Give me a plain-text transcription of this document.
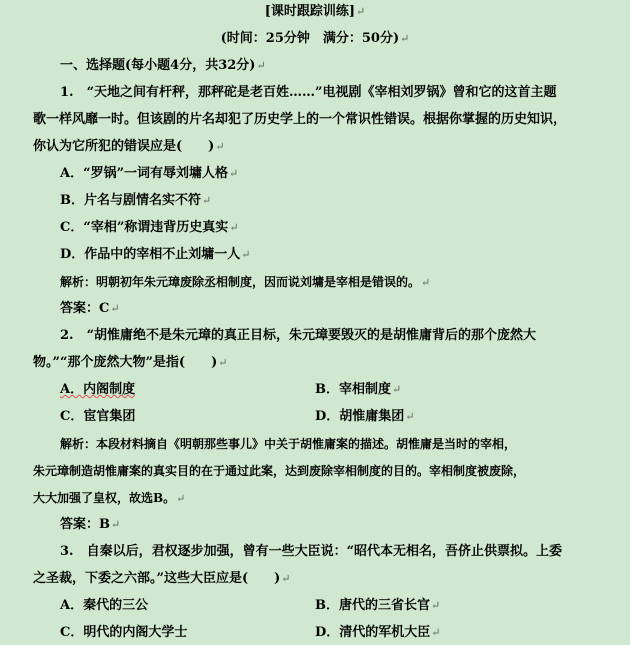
[课时跟踪训练]↵
(时间：25分钟　满分：50分)↵
一、选择题(每小题4分，共32分)↵
1.　“天地之间有杆秤，那秤砣是老百姓……”电视剧《宰相刘罗锅》曾和它的这首主题
歌一样风靡一时。但该剧的片名却犯了历史学上的一个常识性错误。根据你掌握的历史知识，
你认为它所犯的错误应是(　　)↵
A．“罗锅”一词有辱刘墉人格↵
B．片名与剧情名实不符↵
C．“宰相”称谓违背历史真实↵
D．作品中的宰相不止刘墉一人↵
解析：明朝初年朱元璋废除丞相制度，因而说刘墉是宰相是错误的。↵
答案：C↵
2.　“胡惟庸绝不是朱元璋的真正目标，朱元璋要毁灭的是胡惟庸背后的那个庞然大
物。”“那个庞然大物”是指(　　)↵
A．内阁制度	B．宰相制度↵
C．宦官集团	D．胡惟庸集团↵
解析：本段材料摘自《明朝那些事儿》中关于胡惟庸案的描述。胡惟庸是当时的宰相，
朱元璋制造胡惟庸案的真实目的在于通过此案，达到废除宰相制度的目的。宰相制度被废除，
大大加强了皇权，故选B。↵
答案：B↵
3.　自秦以后，君权逐步加强，曾有一些大臣说：“昭代本无相名，吾侪止供票拟。上委
之圣裁，下委之六部。”这些大臣应是(　　)↵
A．秦代的三公	B．唐代的三省长官↵
C．明代的内阁大学士	D．清代的军机大臣↵
